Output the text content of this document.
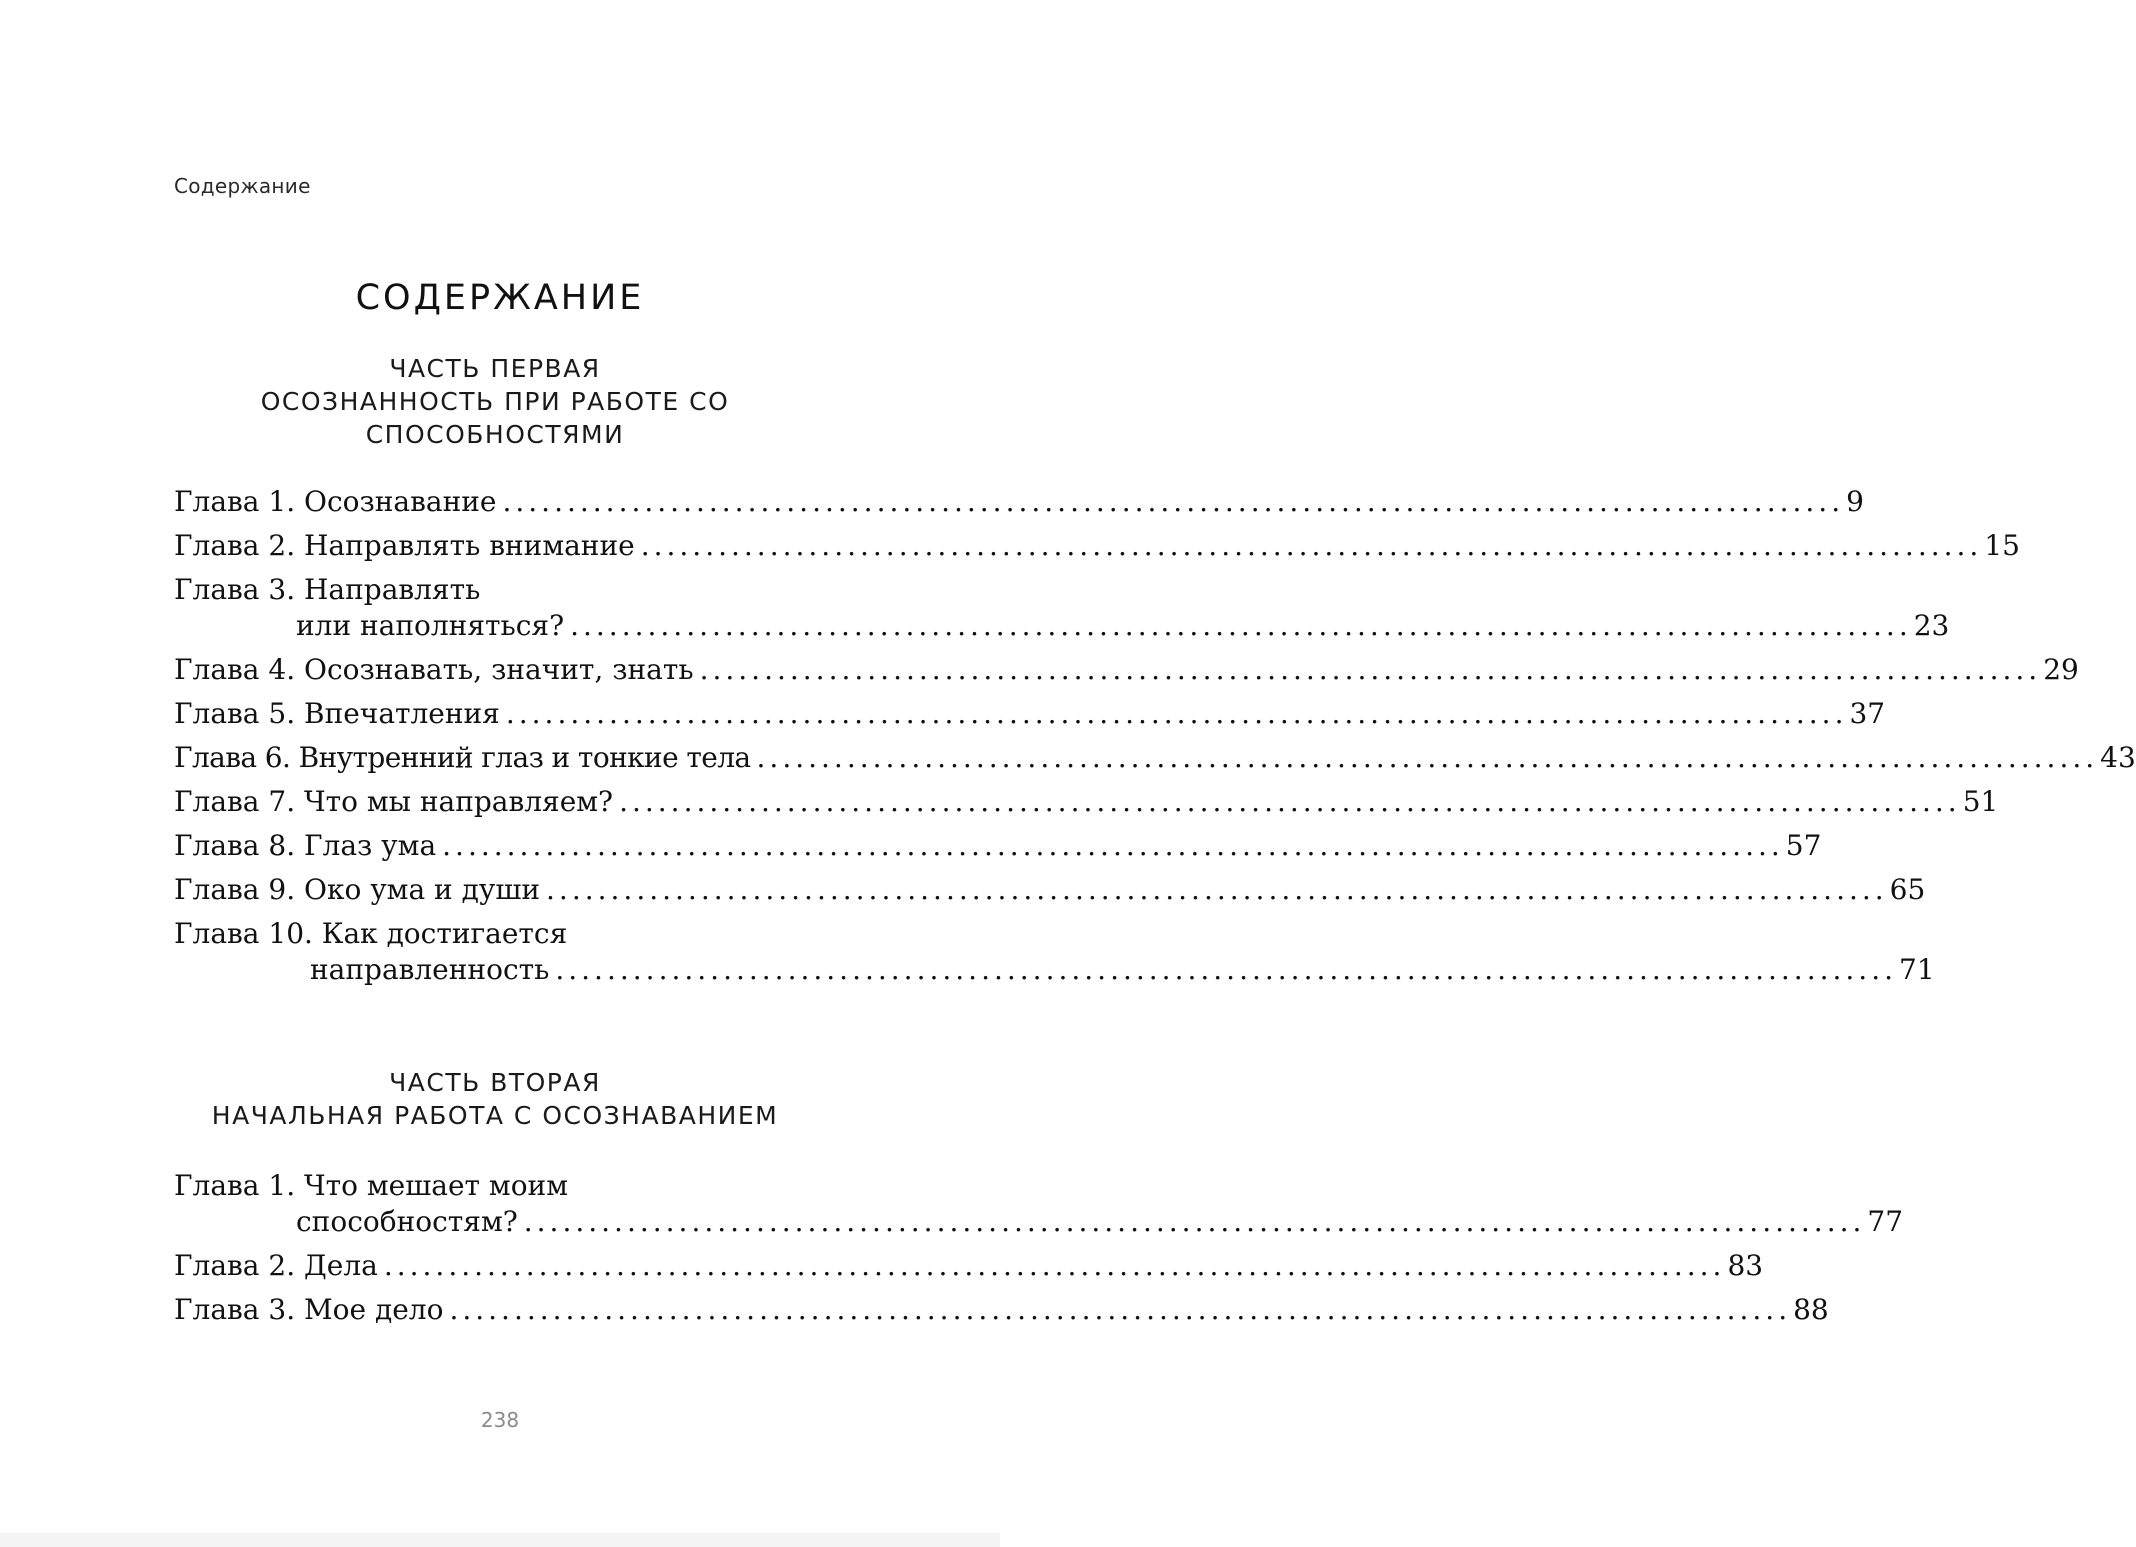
Содержание
СОДЕРЖАНИЕ
ЧАСТЬ ПЕРВАЯ
ОСОЗНАННОСТЬ ПРИ РАБОТЕ СО
СПОСОБНОСТЯМИ
Глава 1. Осознавание ........................................................................................................ 9
Глава 2. Направлять внимание ........................................................................................................ 15
Глава 3. Направлять
или наполняться? ........................................................................................................ 23
Глава 4. Осознавать, значит, знать ........................................................................................................ 29
Глава 5. Впечатления ........................................................................................................ 37
Глава 6. Внутренний глаз и тонкие тела ........................................................................................................ 43
Глава 7. Что мы направляем? ........................................................................................................ 51
Глава 8. Глаз ума ........................................................................................................ 57
Глава 9. Око ума и души ........................................................................................................ 65
Глава 10. Как достигается
направленность ........................................................................................................ 71
ЧАСТЬ ВТОРАЯ
НАЧАЛЬНАЯ РАБОТА С ОСОЗНАВАНИЕМ
Глава 1. Что мешает моим
способностям? ........................................................................................................ 77
Глава 2. Дела ........................................................................................................ 83
Глава 3. Мое дело ........................................................................................................ 88
238
